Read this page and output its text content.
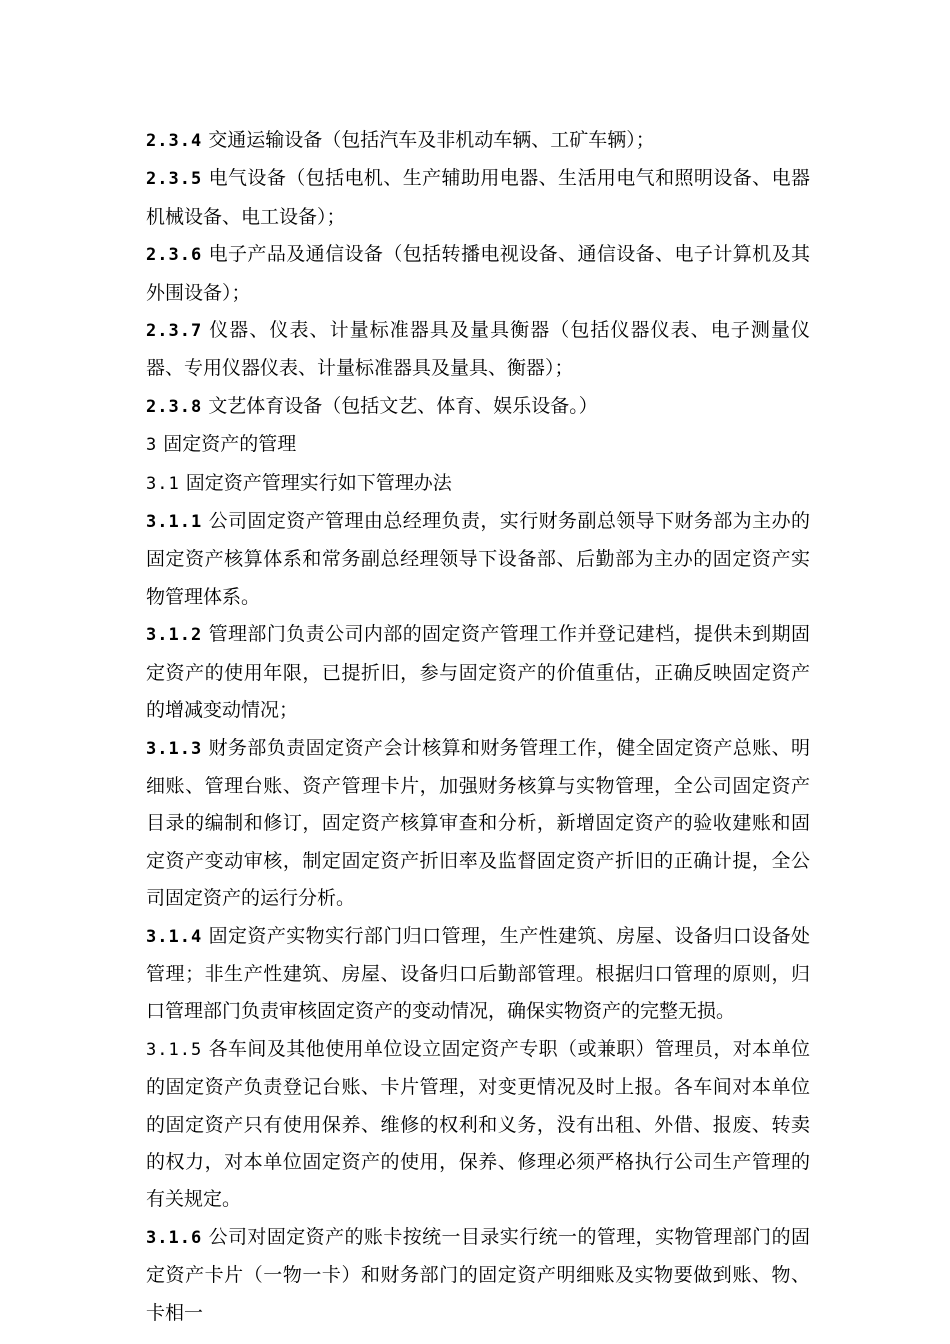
2.3.4 交通运输设备（包括汽车及非机动车辆、工矿车辆）；

2.3.5 电气设备（包括电机、生产辅助用电器、生活用电气和照明设备、电器机械设备、电工设备）；

2.3.6 电子产品及通信设备（包括转播电视设备、通信设备、电子计算机及其外围设备）；

2.3.7 仪器、仪表、计量标准器具及量具衡器（包括仪器仪表、电子测量仪器、专用仪器仪表、计量标准器具及量具、衡器）；

2.3.8 文艺体育设备（包括文艺、体育、娱乐设备。）

3 固定资产的管理

3.1 固定资产管理实行如下管理办法

3.1.1 公司固定资产管理由总经理负责，实行财务副总领导下财务部为主办的固定资产核算体系和常务副总经理领导下设备部、后勤部为主办的固定资产实物管理体系。

3.1.2 管理部门负责公司内部的固定资产管理工作并登记建档，提供未到期固定资产的使用年限，已提折旧，参与固定资产的价值重估，正确反映固定资产的增减变动情况；

3.1.3 财务部负责固定资产会计核算和财务管理工作，健全固定资产总账、明细账、管理台账、资产管理卡片，加强财务核算与实物管理，全公司固定资产目录的编制和修订，固定资产核算审查和分析，新增固定资产的验收建账和固定资产变动审核，制定固定资产折旧率及监督固定资产折旧的正确计提，全公司固定资产的运行分析。

3.1.4 固定资产实物实行部门归口管理，生产性建筑、房屋、设备归口设备处管理；非生产性建筑、房屋、设备归口后勤部管理。根据归口管理的原则，归口管理部门负责审核固定资产的变动情况，确保实物资产的完整无损。

3.1.5 各车间及其他使用单位设立固定资产专职（或兼职）管理员，对本单位的固定资产负责登记台账、卡片管理，对变更情况及时上报。各车间对本单位的固定资产只有使用保养、维修的权利和义务，没有出租、外借、报废、转卖的权力，对本单位固定资产的使用，保养、修理必须严格执行公司生产管理的有关规定。

3.1.6 公司对固定资产的账卡按统一目录实行统一的管理，实物管理部门的固定资产卡片（一物一卡）和财务部门的固定资产明细账及实物要做到账、物、卡相一
